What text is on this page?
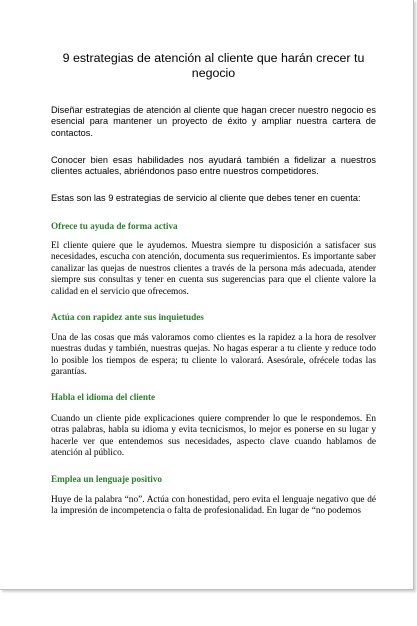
9 estrategias de atención al cliente que harán crecer tu negocio

Diseñar estrategias de atención al cliente que hagan crecer nuestro negocio es esencial para mantener un proyecto de éxito y ampliar nuestra cartera de contactos.

Conocer bien esas habilidades nos ayudará también a fidelizar a nuestros clientes actuales, abriéndonos paso entre nuestros competidores.

Estas son las 9 estrategias de servicio al cliente que debes tener en cuenta:

Ofrece tu ayuda de forma activa

El cliente quiere que le ayudemos. Muestra siempre tu disposición a satisfacer sus necesidades, escucha con atención, documenta sus requerimientos. Es importante saber canalizar las quejas de nuestros clientes a través de la persona más adecuada, atender siempre sus consultas y tener en cuenta sus sugerencias para que el cliente valore la calidad en el servicio que ofrecemos.

Actúa con rapidez ante sus inquietudes

Una de las cosas que más valoramos como clientes es la rapidez a la hora de resolver nuestras dudas y también, nuestras quejas. No hagas esperar a tu cliente y reduce todo lo posible los tiempos de espera; tu cliente lo valorará. Asesórale, ofrécele todas las garantías.

Habla el idioma del cliente

Cuando un cliente pide explicaciones quiere comprender lo que le respondemos. En otras palabras, habla su idioma y evita tecnicismos, lo mejor es ponerse en su lugar y hacerle ver que entendemos sus necesidades, aspecto clave cuando hablamos de atención al público.

Emplea un lenguaje positivo

Huye de la palabra “no”. Actúa con honestidad, pero evita el lenguaje negativo que dé la impresión de incompetencia o falta de profesionalidad. En lugar de “no podemos
